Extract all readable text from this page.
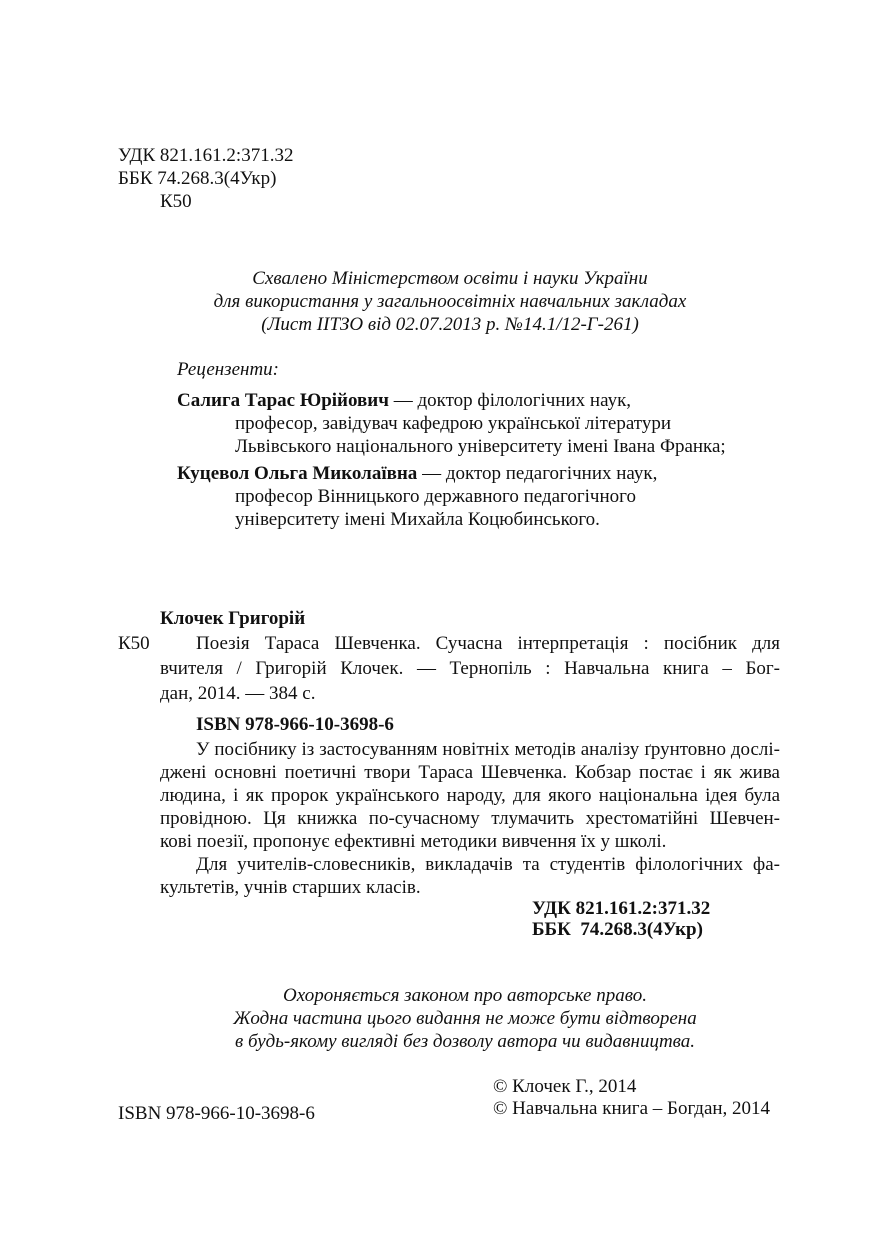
УДК 821.161.2:371.32

ББК 74.268.3(4Укр)

К50

Схвалено Міністерством освіти і науки України
для використання у загальноосвітніх навчальних закладах
(Лист ІІТЗО від 02.07.2013 р. №14.1/12-Г-261)

Рецензенти:

Салига Тарас Юрійович — доктор філологічних наук,
професор, завідувач кафедрою української літератури
Львівського національного університету імені Івана Франка;
Куцевол Ольга Миколаївна — доктор педагогічних наук,
професор Вінницького державного педагогічного
університету імені Михайла Коцюбинського.

Клочек Григорій

К50 Поезія Тараса Шевченка. Сучасна інтерпретація : посібник для
вчителя / Григорій Клочек. — Тернопіль : Навчальна книга – Бог-
дан, 2014. — 384 с.

ISBN 978-966-10-3698-6

У посібнику із застосуванням новітніх методів аналізу ґрунтовно дослі-
джені основні поетичні твори Тараса Шевченка. Кобзар постає і як жива
людина, і як пророк українського народу, для якого національна ідея була
провідною. Ця книжка по-сучасному тлумачить хрестоматійні Шевчен-
кові поезії, пропонує ефективні методики вивчення їх у школі.
Для учителів-словесників, викладачів та студентів філологічних фа-
культетів, учнів старших класів.

УДК 821.161.2:371.32

ББК  74.268.3(4Укр)

Охороняється законом про авторське право.
Жодна частина цього видання не може бути відтворена
в будь-якому вигляді без дозволу автора чи видавництва.

ISBN 978-966-10-3698-6

© Клочек Г., 2014

© Навчальна книга – Богдан, 2014
